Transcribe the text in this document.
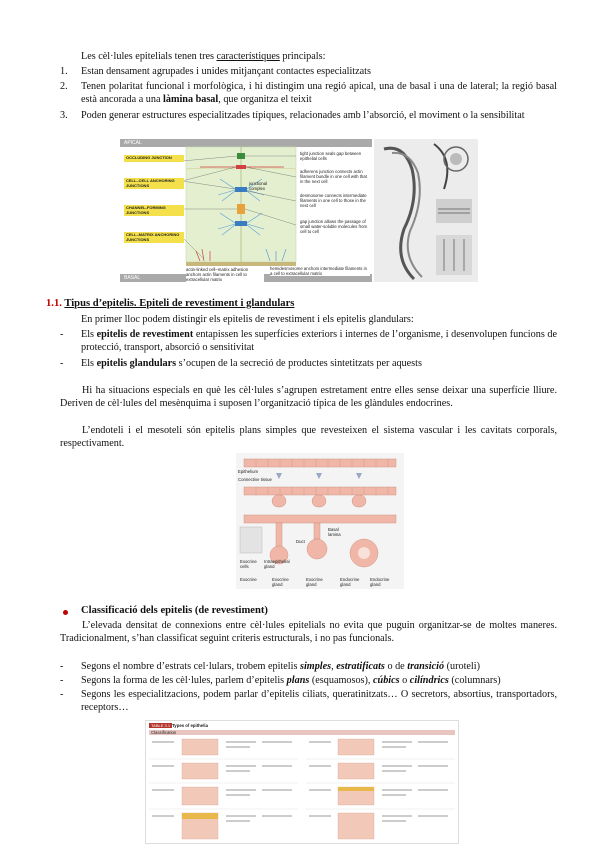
Les cèl·lules epitelials tenen tres característiques principals:
1. Estan densament agrupades i unides mitjançant contactes especialitzats
2. Tenen polaritat funcional i morfològica, i hi distingim una regió apical, una de basal i una de lateral; la regió basal està ancorada a una làmina basal, que organitza el teixit
3. Poden generar estructures especialitzades típiques, relacionades amb l’absorció, el moviment o la sensibilitat
APICAL
BASAL
OCCLUDING JUNCTION
CELL–CELL ANCHORING JUNCTIONS
CHANNEL-FORMING JUNCTIONS
CELL–MATRIX ANCHORING JUNCTIONS
junctional complex
tight junction seals gap between epithelial cells
adherens junction connects actin filament bundle in one cell with that in the next cell
desmosome connects intermediate filaments in one cell to those in the next cell
gap junction allows the passage of small water-soluble molecules from cell to cell
actin-linked cell–matrix adhesion anchors actin filaments in cell to extracellular matrix
hemidesmosome anchors intermediate filaments in a cell to extracellular matrix
1.1. Tipus d’epitelis. Epiteli de revestiment i glandulars
En primer lloc podem distingir els epitelis de revestiment i els epitelis glandulars:
- Els epitelis de revestiment entapissen les superfícies exteriors i internes de l’organisme, i desenvolupen funcions de protecció, transport, absorció o sensitivitat
- Els epitelis glandulars s’ocupen de la secreció de productes sintetitzats per aquests
Hi ha situacions especials en què les cèl·lules s’agrupen estretament entre elles sense deixar una superfície lliure. Deriven de cèl·lules del mesènquima i suposen l’organització típica de les glàndules endocrines.
L’endoteli i el mesoteli són epitelis plans simples que revesteixen el sistema vascular i les cavitats corporals, respectivament.
Epithelium
Connective tissue
Exocrine cells
Intraepithelial gland
Basal lamina
Duct
Exocrine	Exocrine gland
Exocrine gland
Endocrine gland
Endocrine gland
Classificació dels epitelis (de revestiment)
L’elevada densitat de connexions entre cèl·lules epitelials no evita que puguin organitzar-se de moltes maneres. Tradicionalment, s’han classificat seguint criteris estructurals, i no pas funcionals.
- Segons el nombre d’estrats cel·lulars, trobem epitelis simples, estratificats o de transició (uroteli)
- Segons la forma de les cèl·lules, parlem d’epitelis plans (esquamosos), cúbics o cilíndrics (columnars)
- Segons les especialitzacions, podem parlar d’epitelis ciliats, queratinitzats… O secretors, absortius, transportadors, receptors…
TABLE 3.1 Types of epithelia
Classification
